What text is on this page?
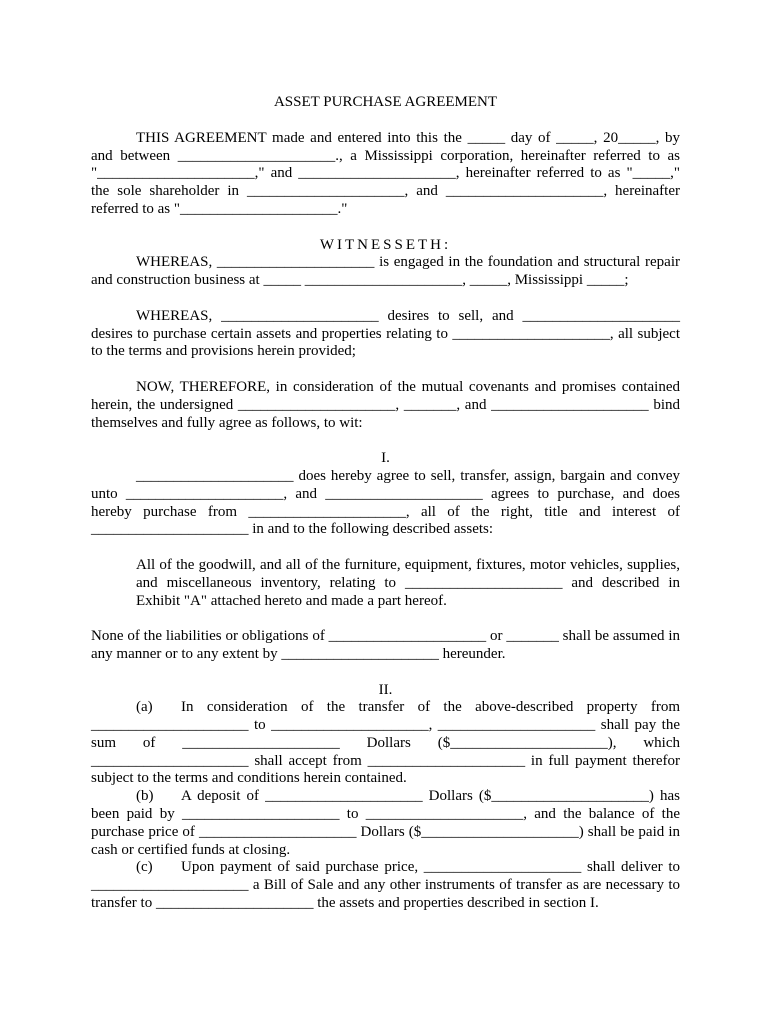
ASSET PURCHASE AGREEMENT

THIS AGREEMENT made and entered into this the _____ day of _____, 20_____, by and between _____________________., a Mississippi corporation, hereinafter referred to as "_____________________," and _____________________, hereinafter referred to as "_____," the sole shareholder in _____________________, and _____________________, hereinafter referred to as "_____________________."

WITNESSETH:

WHEREAS, _____________________ is engaged in the foundation and structural repair and construction business at _____ _____________________, _____, Mississippi _____;

WHEREAS, _____________________ desires to sell, and _____________________ desires to purchase certain assets and properties relating to _____________________, all subject to the terms and provisions herein provided;

NOW, THEREFORE, in consideration of the mutual covenants and promises contained herein, the undersigned _____________________, _______, and _____________________ bind themselves and fully agree as follows, to wit:

I.

_____________________ does hereby agree to sell, transfer, assign, bargain and convey unto _____________________, and _____________________ agrees to purchase, and does hereby purchase from _____________________, all of the right, title and interest of _____________________ in and to the following described assets:

All of the goodwill, and all of the furniture, equipment, fixtures, motor vehicles, supplies, and miscellaneous inventory, relating to _____________________ and described in Exhibit "A" attached hereto and made a part hereof.

None of the liabilities or obligations of _____________________ or _______ shall be assumed in any manner or to any extent by _____________________ hereunder.

II.

(a) In consideration of the transfer of the above-described property from _____________________ to _____________________, _____________________ shall pay the sum of _____________________ Dollars ($_____________________), which _____________________ shall accept from _____________________ in full payment therefor subject to the terms and conditions herein contained.

(b) A deposit of _____________________ Dollars ($_____________________) has been paid by _____________________ to _____________________, and the balance of the purchase price of _____________________ Dollars ($_____________________) shall be paid in cash or certified funds at closing.

(c) Upon payment of said purchase price, _____________________ shall deliver to _____________________ a Bill of Sale and any other instruments of transfer as are necessary to transfer to _____________________ the assets and properties described in section I.
